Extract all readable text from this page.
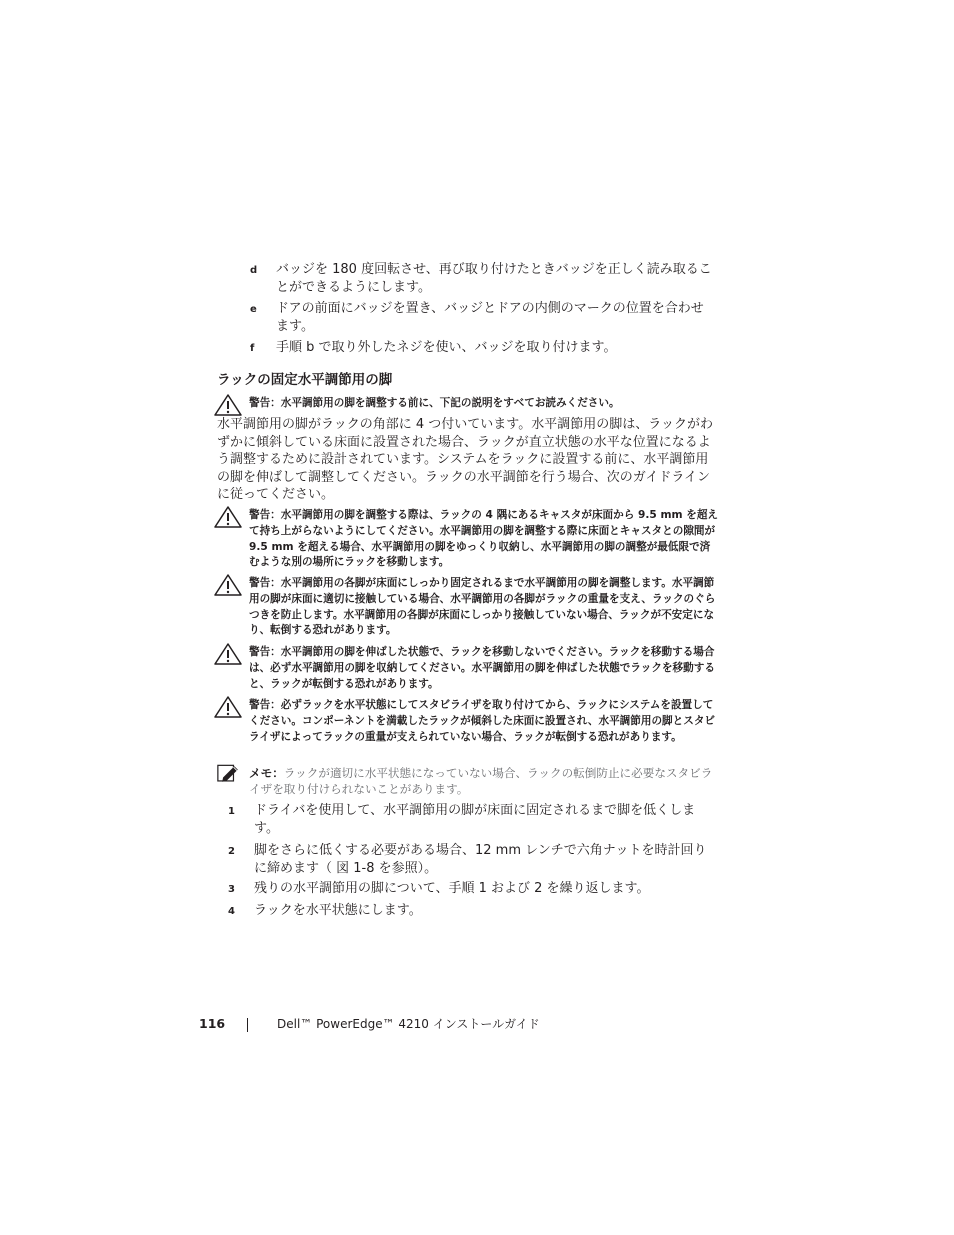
d バッジを 180 度回転させ、再び取り付けたときバッジを正しく読み取ることができるようにします。
e ドアの前面にバッジを置き、バッジとドアの内側のマークの位置を合わせます。
f 手順 b で取り外したネジを使い、バッジを取り付けます。
ラックの固定水平調節用の脚
警告：水平調節用の脚を調整する前に、下記の説明をすべてお読みください。
水平調節用の脚がラックの角部に 4 つ付いています。水平調節用の脚は、ラックがわずかに傾斜している床面に設置された場合、ラックが直立状態の水平な位置になるよう調整するために設計されています。システムをラックに設置する前に、水平調節用の脚を伸ばして調整してください。ラックの水平調節を行う場合、次のガイドラインに従ってください。
警告：水平調節用の脚を調整する際は、ラックの 4 隅にあるキャスタが床面から 9.5 mm を超えて持ち上がらないようにしてください。水平調節用の脚を調整する際に床面とキャスタとの隙間が 9.5 mm を超える場合、水平調節用の脚をゆっくり収納し、水平調節用の脚の調整が最低限で済むような別の場所にラックを移動します。
警告：水平調節用の各脚が床面にしっかり固定されるまで水平調節用の脚を調整します。水平調節用の脚が床面に適切に接触している場合、水平調節用の各脚がラックの重量を支え、ラックのぐらつきを防止します。水平調節用の各脚が床面にしっかり接触していない場合、ラックが不安定になり、転倒する恐れがあります。
警告：水平調節用の脚を伸ばした状態で、ラックを移動しないでください。ラックを移動する場合は、必ず水平調節用の脚を収納してください。水平調節用の脚を伸ばした状態でラックを移動すると、ラックが転倒する恐れがあります。
警告：必ずラックを水平状態にしてスタビライザを取り付けてから、ラックにシステムを設置してください。コンポーネントを満載したラックが傾斜した床面に設置され、水平調節用の脚とスタビライザによってラックの重量が支えられていない場合、ラックが転倒する恐れがあります。
メモ：ラックが適切に水平状態になっていない場合、ラックの転倒防止に必要なスタビライザを取り付けられないことがあります。
1 ドライバを使用して、水平調節用の脚が床面に固定されるまで脚を低くします。
2 脚をさらに低くする必要がある場合、12 mm レンチで六角ナットを時計回りに締めます（ 図 1-8 を参照）。
3 残りの水平調節用の脚について、手順 1 および 2 を繰り返します。
4 ラックを水平状態にします。
116	Dell™ PowerEdge™ 4210 インストールガイド
